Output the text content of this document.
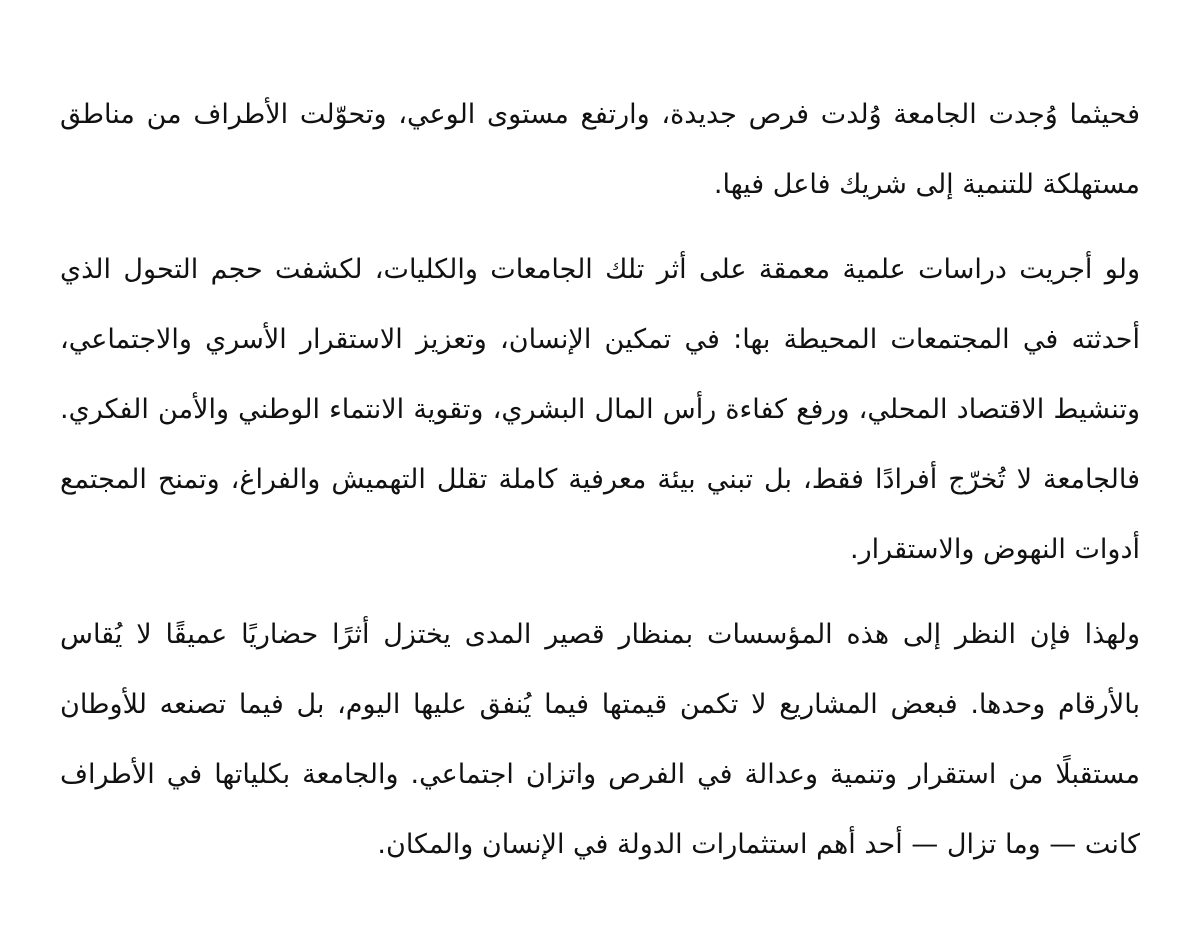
فحيثما وُجدت الجامعة وُلدت فرص جديدة، وارتفع مستوى الوعي، وتحوّلت الأطراف من مناطق مستهلكة للتنمية إلى شريك فاعل فيها.

ولو أجريت دراسات علمية معمقة على أثر تلك الجامعات والكليات، لكشفت حجم التحول الذي أحدثته في المجتمعات المحيطة بها: في تمكين الإنسان، وتعزيز الاستقرار الأسري والاجتماعي، وتنشيط الاقتصاد المحلي، ورفع كفاءة رأس المال البشري، وتقوية الانتماء الوطني والأمن الفكري. فالجامعة لا تُخرّج أفرادًا فقط، بل تبني بيئة معرفية كاملة تقلل التهميش والفراغ، وتمنح المجتمع أدوات النهوض والاستقرار.

ولهذا فإن النظر إلى هذه المؤسسات بمنظار قصير المدى يختزل أثرًا حضاريًا عميقًا لا يُقاس بالأرقام وحدها. فبعض المشاريع لا تكمن قيمتها فيما يُنفق عليها اليوم، بل فيما تصنعه للأوطان مستقبلًا من استقرار وتنمية وعدالة في الفرص واتزان اجتماعي. والجامعة بكلياتها في الأطراف كانت — وما تزال — أحد أهم استثمارات الدولة في الإنسان والمكان.
